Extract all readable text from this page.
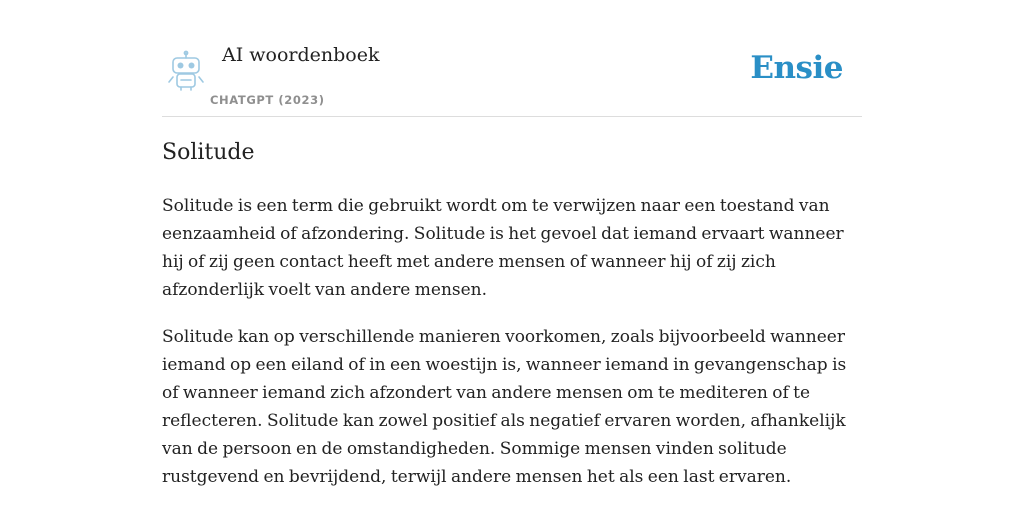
AI woordenboek
CHATGPT (2023)
Ensie
Solitude

Solitude is een term die gebruikt wordt om te verwijzen naar een toestand van eenzaamheid of afzondering. Solitude is het gevoel dat iemand ervaart wanneer hij of zij geen contact heeft met andere mensen of wanneer hij of zij zich afzonderlijk voelt van andere mensen.

Solitude kan op verschillende manieren voorkomen, zoals bijvoorbeeld wanneer iemand op een eiland of in een woestijn is, wanneer iemand in gevangenschap is of wanneer iemand zich afzondert van andere mensen om te mediteren of te reflecteren. Solitude kan zowel positief als negatief ervaren worden, afhankelijk van de persoon en de omstandigheden. Sommige mensen vinden solitude rustgevend en bevrijdend, terwijl andere mensen het als een last ervaren.
